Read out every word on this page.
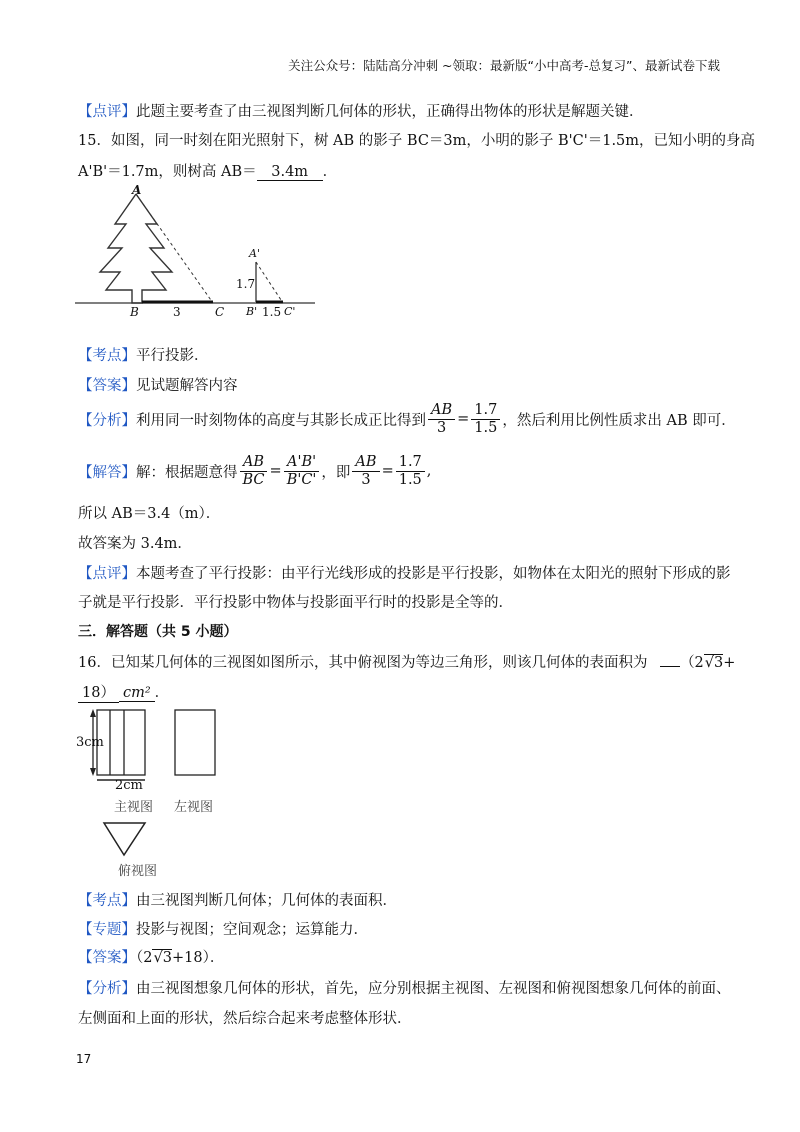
关注公众号：陆陆高分冲刺 ~领取：最新版“小中高考-总复习”、最新试卷下载
【点评】此题主要考查了由三视图判断几何体的形状，正确得出物体的形状是解题关键．
15．如图，同一时刻在阳光照射下，树 AB 的影子 BC＝3m，小明的影子 B'C'＝1.5m，已知小明的身高
A'B'＝1.7m，则树高 AB＝ 3.4m ．
A
B	3	C
A'
1.7
B' 1.5 C'
【考点】平行投影．
【答案】见试题解答内容
【分析】 利用同一时刻物体的高度与其影长成正比得到 $\frac{AB}{3} = \frac{1.7}{1.5}$ ，然后利用比例性质求出 AB 即可．
【解答】 解：根据题意得 $\frac{AB}{BC} = \frac{A'B'}{B'C'}$ ，即 $\frac{AB}{3} = \frac{1.7}{1.5}$ ,
所以 AB＝3.4（m）．
故答案为 3.4m．
【点评】本题考查了平行投影：由平行光线形成的投影是平行投影，如物体在太阳光的照射下形成的影
子就是平行投影．平行投影中物体与投影面平行时的投影是全等的．
三．解答题（共 5 小题）
16．已知某几何体的三视图如图所示，其中俯视图为等边三角形，则该几何体的表面积为 （2√3+
18） cm² ．
3cm
2cm
主视图 左视图
俯视图
【考点】由三视图判断几何体；几何体的表面积．
【专题】投影与视图；空间观念；运算能力．
【答案】（2√3+18）．
【分析】由三视图想象几何体的形状，首先，应分别根据主视图、左视图和俯视图想象几何体的前面、
左侧面和上面的形状，然后综合起来考虑整体形状．
17
